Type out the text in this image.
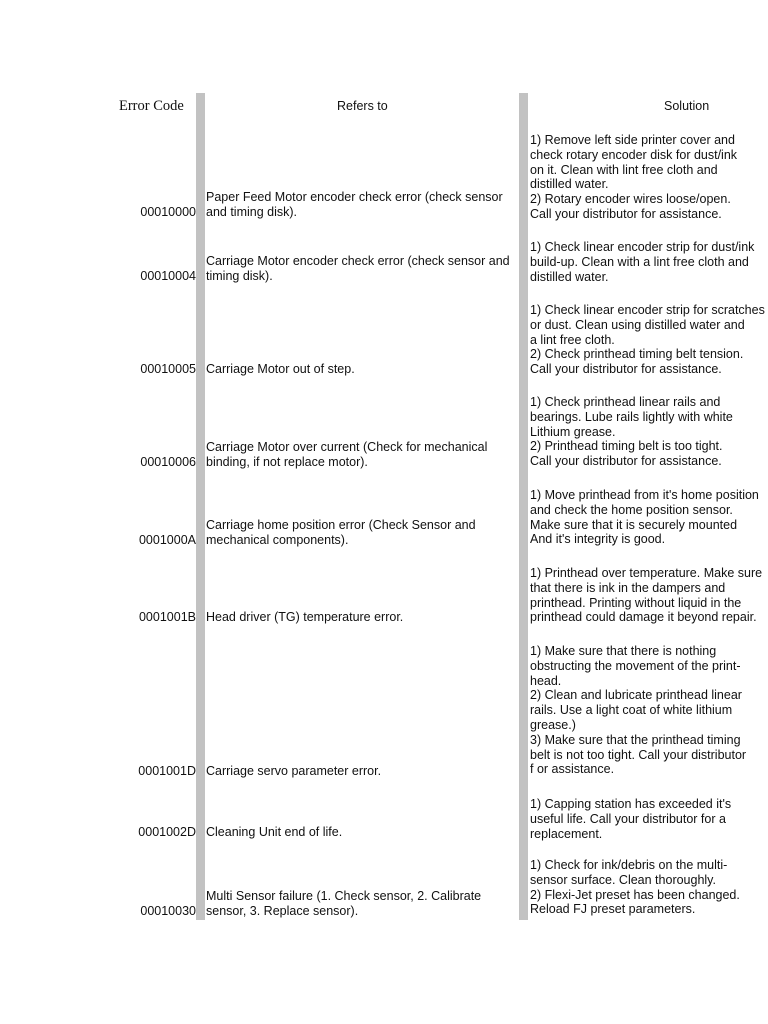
Error Code	Refers to	Solution
00010000
Paper Feed Motor encoder check error (check sensor
and timing disk).
1) Remove left side printer cover and
check rotary encoder disk for dust/ink
on it. Clean with lint free cloth and
distilled water.
2) Rotary encoder wires loose/open.
Call your distributor for assistance.
00010004
Carriage Motor encoder check error (check sensor and
timing disk).
1) Check linear encoder strip for dust/ink
build-up. Clean with a lint free cloth and
distilled water.
00010005 Carriage Motor out of step.
1) Check linear encoder strip for scratches
or dust. Clean using distilled water and
a lint free cloth.
2) Check printhead timing belt tension.
Call your distributor for assistance.
00010006
Carriage Motor over current (Check for mechanical
binding, if not replace motor).
1) Check printhead linear rails and
bearings. Lube rails lightly with white
Lithium grease.
2) Printhead timing belt is too tight.
Call your distributor for assistance.
0001000A
Carriage home position error (Check Sensor and
mechanical components).
1) Move printhead from it's home position
and check the home position sensor.
Make sure that it is securely mounted
And it's integrity is good.
0001001B Head driver (TG) temperature error.
1) Printhead over temperature. Make sure
that there is ink in the dampers and
printhead. Printing without liquid in the
printhead could damage it beyond repair.
0001001D Carriage servo parameter error.
1) Make sure that there is nothing
obstructing the movement of the print-
head.
2) Clean and lubricate printhead linear
rails. Use a light coat of white lithium
grease.)
3) Make sure that the printhead timing
belt is not too tight. Call your distributor
f or assistance.
0001002D Cleaning Unit end of life.
1) Capping station has exceeded it's
useful life. Call your distributor for a
replacement.
00010030
Multi Sensor failure (1. Check sensor, 2. Calibrate
sensor, 3. Replace sensor).
1) Check for ink/debris on the multi-
sensor surface. Clean thoroughly.
2) Flexi-Jet preset has been changed.
Reload FJ preset parameters.
